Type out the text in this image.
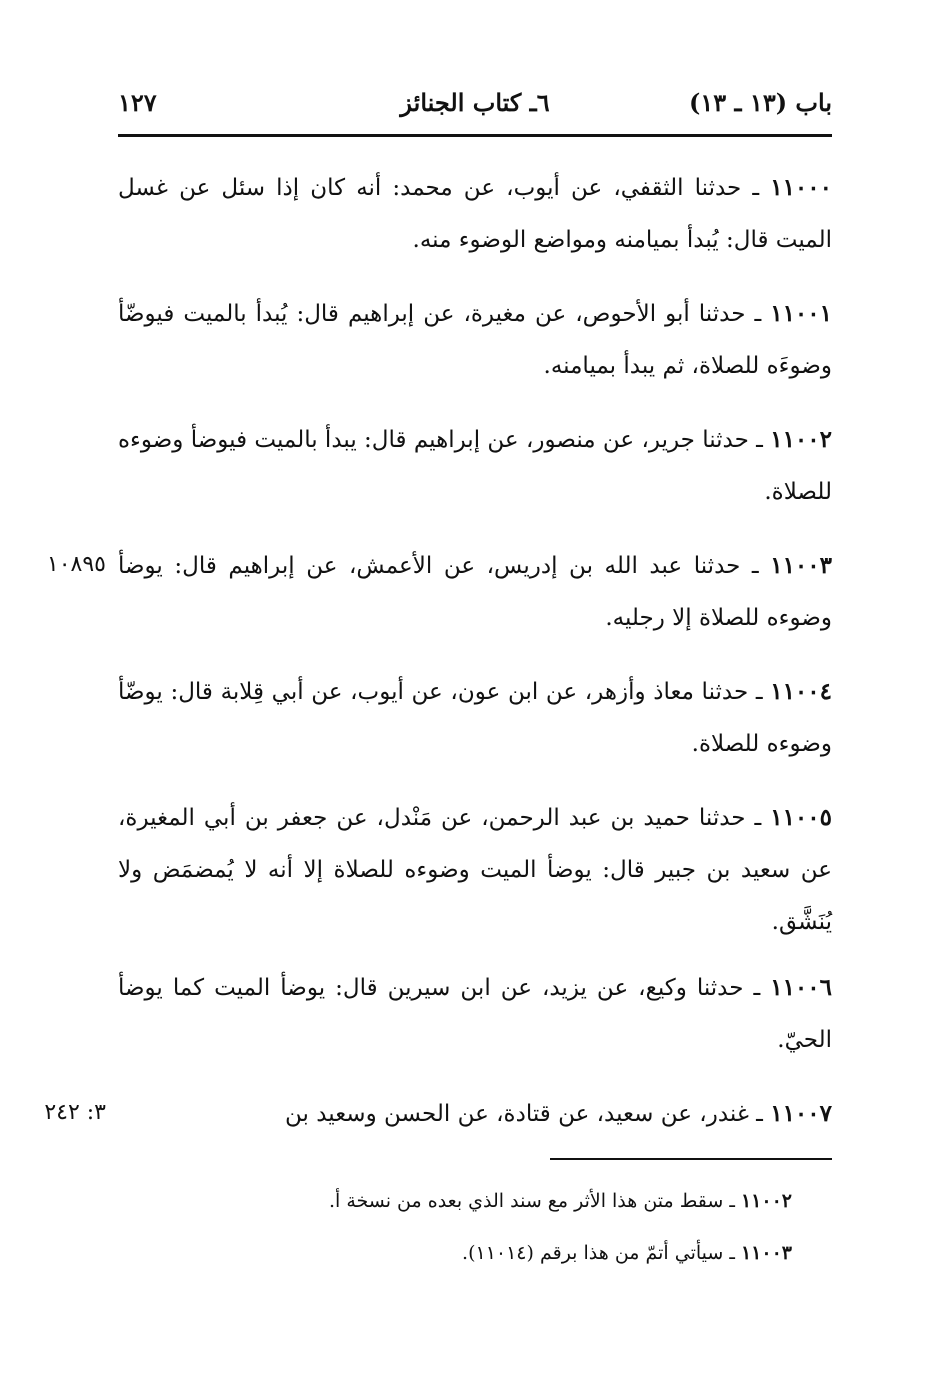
باب (١٣ ـ ١٣)
٦ـ كتاب الجنائز
١٢٧
١١٠٠٠ ـ حدثنا الثقفي، عن أيوب، عن محمد: أنه كان إذا سئل عن غسل الميت قال: يُبدأ بميامنه ومواضع الوضوء منه.
١١٠٠١ ـ حدثنا أبو الأحوص، عن مغيرة، عن إبراهيم قال: يُبدأ بالميت فيوضّأ وضوءَه للصلاة، ثم يبدأ بميامنه.
١١٠٠٢ ـ حدثنا جرير، عن منصور، عن إبراهيم قال: يبدأ بالميت فيوضأ وضوءه للصلاة.
١٠٨٩٥	١١٠٠٣ ـ حدثنا عبد الله بن إدريس، عن الأعمش، عن إبراهيم قال: يوضأ وضوءه للصلاة إلا رجليه.
١١٠٠٤ ـ حدثنا معاذ وأزهر، عن ابن عون، عن أيوب، عن أبي قِلابة قال: يوضّأ وضوءه للصلاة.
١١٠٠٥ ـ حدثنا حميد بن عبد الرحمن، عن مَنْدل، عن جعفر بن أبي المغيرة، عن سعيد بن جبير قال: يوضأ الميت وضوءه للصلاة إلا أنه لا يُمضمَض ولا يُنَشَّق.
١١٠٠٦ ـ حدثنا وكيع، عن يزيد، عن ابن سيرين قال: يوضأ الميت كما يوضأ الحيّ.
٣: ٢٤٢	١١٠٠٧ ـ غندر، عن سعيد، عن قتادة، عن الحسن وسعيد بن
١١٠٠٢ ـ سقط متن هذا الأثر مع سند الذي بعده من نسخة أ.
١١٠٠٣ ـ سيأتي أتمّ من هذا برقم (١١٠١٤).
